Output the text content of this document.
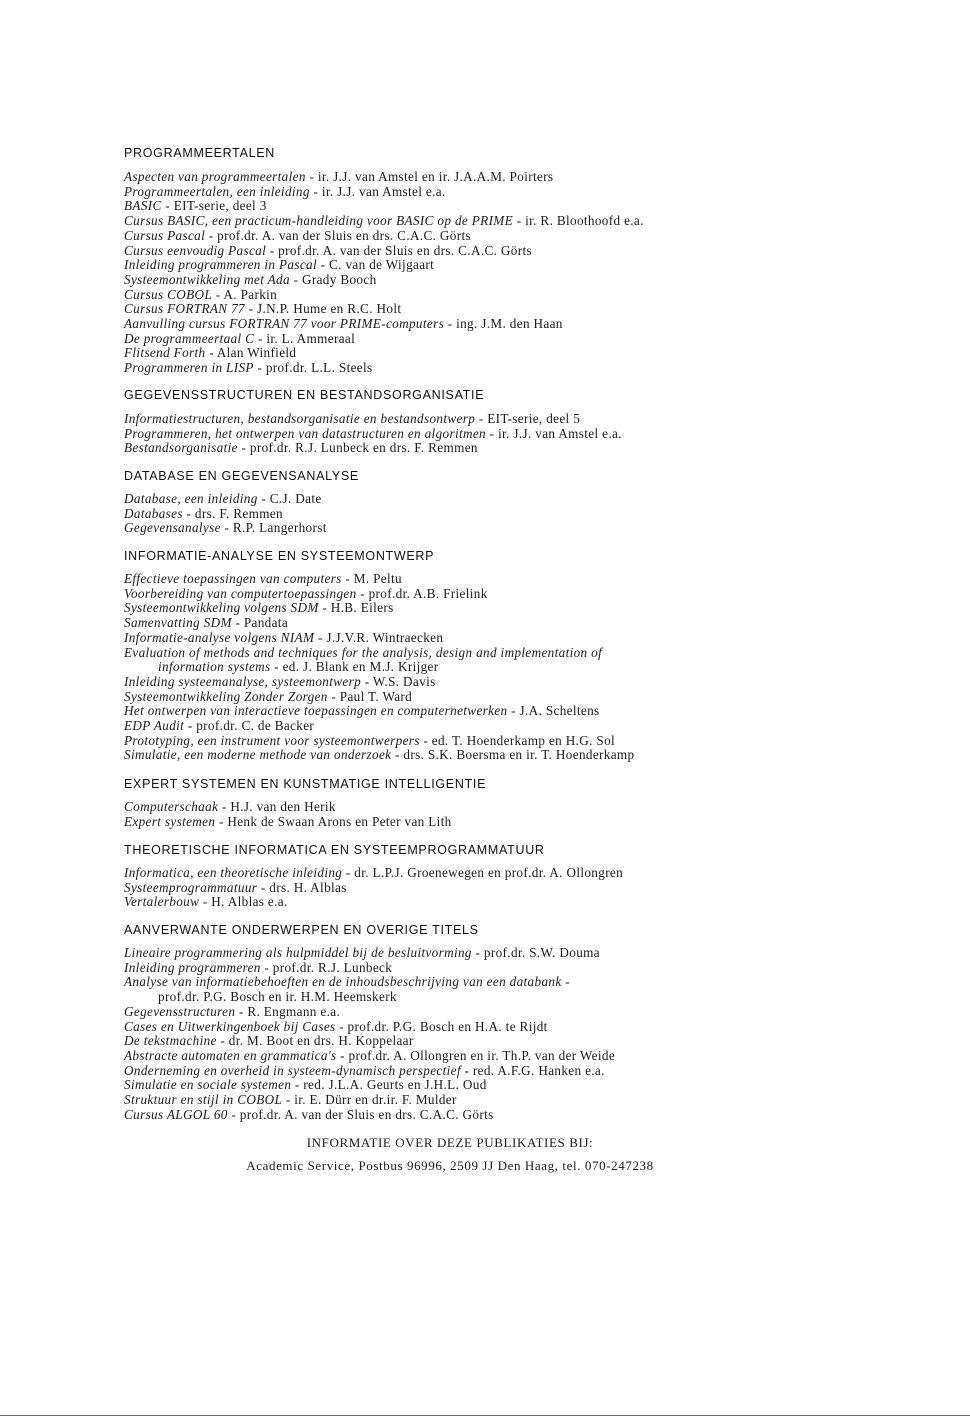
PROGRAMMEERTALEN
Aspecten van programmeertalen - ir. J.J. van Amstel en ir. J.A.A.M. Poirters
Programmeertalen, een inleiding - ir. J.J. van Amstel e.a.
BASIC - EIT-serie, deel 3
Cursus BASIC, een practicum-handleiding voor BASIC op de PRIME - ir. R. Bloothoofd e.a.
Cursus Pascal - prof.dr. A. van der Sluis en drs. C.A.C. Görts
Cursus eenvoudig Pascal - prof.dr. A. van der Sluis en drs. C.A.C. Görts
Inleiding programmeren in Pascal - C. van de Wijgaart
Systeemontwikkeling met Ada - Grady Booch
Cursus COBOL - A. Parkin
Cursus FORTRAN 77 - J.N.P. Hume en R.C. Holt
Aanvulling cursus FORTRAN 77 voor PRIME-computers - ing. J.M. den Haan
De programmeertaal C - ir. L. Ammeraal
Flitsend Forth - Alan Winfield
Programmeren in LISP - prof.dr. L.L. Steels
GEGEVENSSTRUCTUREN EN BESTANDSORGANISATIE
Informatiestructuren, bestandsorganisatie en bestandsontwerp - EIT-serie, deel 5
Programmeren, het ontwerpen van datastructuren en algoritmen - ir. J.J. van Amstel e.a.
Bestandsorganisatie - prof.dr. R.J. Lunbeck en drs. F. Remmen
DATABASE EN GEGEVENSANALYSE
Database, een inleiding - C.J. Date
Databases - drs. F. Remmen
Gegevensanalyse - R.P. Langerhorst
INFORMATIE-ANALYSE EN SYSTEEMONTWERP
Effectieve toepassingen van computers - M. Peltu
Voorbereiding van computertoepassingen - prof.dr. A.B. Frielink
Systeemontwikkeling volgens SDM - H.B. Eilers
Samenvatting SDM - Pandata
Informatie-analyse volgens NIAM - J.J.V.R. Wintraecken
Evaluation of methods and techniques for the analysis, design and implementation of
information systems - ed. J. Blank en M.J. Krijger
Inleiding systeemanalyse, systeemontwerp - W.S. Davis
Systeemontwikkeling Zonder Zorgen - Paul T. Ward
Het ontwerpen van interactieve toepassingen en computernetwerken - J.A. Scheltens
EDP Audit - prof.dr. C. de Backer
Prototyping, een instrument voor systeemontwerpers - ed. T. Hoenderkamp en H.G. Sol
Simulatie, een moderne methode van onderzoek - drs. S.K. Boersma en ir. T. Hoenderkamp
EXPERT SYSTEMEN EN KUNSTMATIGE INTELLIGENTIE
Computerschaak - H.J. van den Herik
Expert systemen - Henk de Swaan Arons en Peter van Lith
THEORETISCHE INFORMATICA EN SYSTEEMPROGRAMMATUUR
Informatica, een theoretische inleiding - dr. L.P.J. Groenewegen en prof.dr. A. Ollongren
Systeemprogrammatuur - drs. H. Alblas
Vertalerbouw - H. Alblas e.a.
AANVERWANTE ONDERWERPEN EN OVERIGE TITELS
Lineaire programmering als hulpmiddel bij de besluitvorming - prof.dr. S.W. Douma
Inleiding programmeren - prof.dr. R.J. Lunbeck
Analyse van informatiebehoeften en de inhoudsbeschrijving van een databank -
prof.dr. P.G. Bosch en ir. H.M. Heemskerk
Gegevensstructuren - R. Engmann e.a.
Cases en Uitwerkingenboek bij Cases - prof.dr. P.G. Bosch en H.A. te Rijdt
De tekstmachine - dr. M. Boot en drs. H. Koppelaar
Abstracte automaten en grammatica's - prof.dr. A. Ollongren en ir. Th.P. van der Weide
Onderneming en overheid in systeem-dynamisch perspectief - red. A.F.G. Hanken e.a.
Simulatie en sociale systemen - red. J.L.A. Geurts en J.H.L. Oud
Struktuur en stijl in COBOL - ir. E. Dürr en dr.ir. F. Mulder
Cursus ALGOL 60 - prof.dr. A. van der Sluis en drs. C.A.C. Görts
INFORMATIE OVER DEZE PUBLIKATIES BIJ:
Academic Service, Postbus 96996, 2509 JJ Den Haag, tel. 070-247238
